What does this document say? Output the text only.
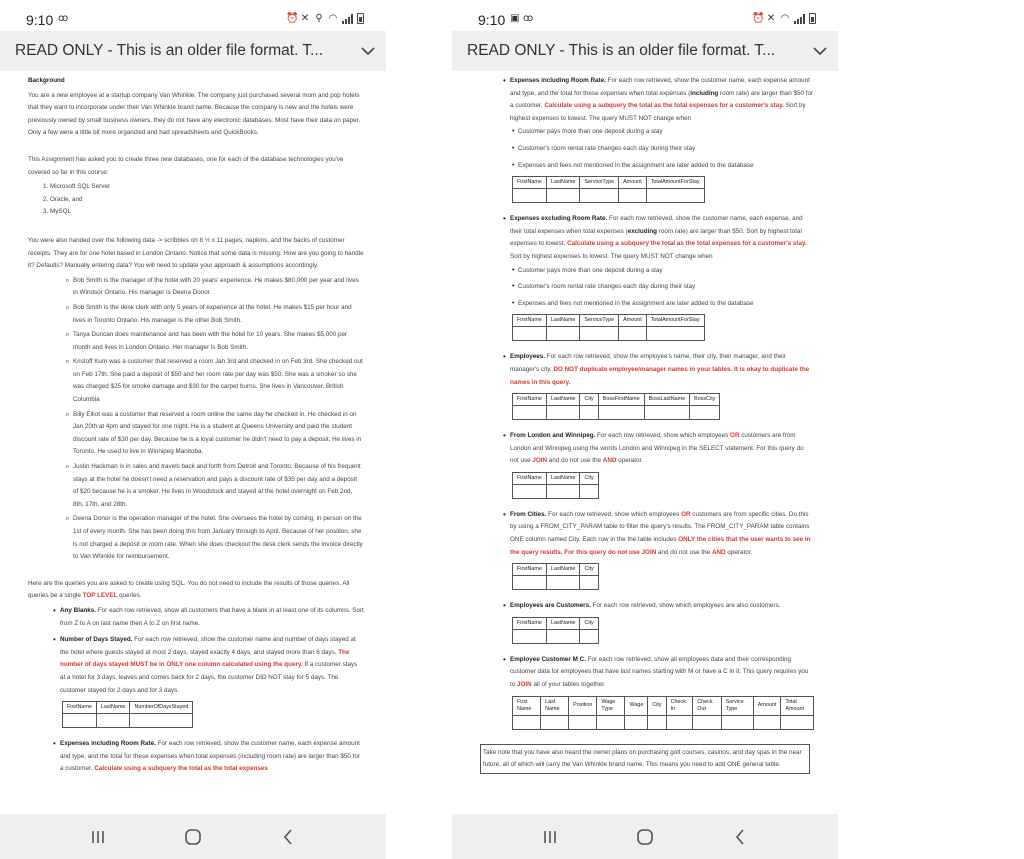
9:10 ꝏ	⏰ ✕ ⚲ ◠
READ ONLY - This is an older file format. T...
Background

You are a new employee at a startup company Van Whinkle. The company just purchased several mom and pop hotels that they want to incorporate under their Van Whinkle brand name. Because the company is new and the hotels were previously owned by small business owners, they do not have any electronic databases. Most have their data on paper. Only a few were a little bit more organized and had spreadsheets and QuickBooks.

This Assignment has asked you to create three new databases, one for each of the database technologies you've covered so far in this course:

1. Microsoft SQL Server
2. Oracle, and
3. MySQL

You were also handed over the following data -> scribbles on 8 ½ x 11 pages, napkins, and the backs of customer receipts. They are for one hotel based in London Ontario. Notice that some data is missing. How are you going to handle it? Defaults? Manually entering data? You will need to update your approach & assumptions accordingly.

o Bob Smith is the manager of the hotel with 20 years' experience. He makes $80,000 per year and lives in Windsor Ontario. His manager is Deena Donor.
o Bob Smith is the desk clerk with only 5 years of experience at the hotel. He makes $15 per hour and lives in Toronto Ontario. His manager is the other Bob Smith.
o Tanya Duncan does maintenance and has been with the hotel for 10 years. She makes $5,000 per month and lives in London Ontario. Her manager is Bob Smith.
o Kristoff Kurn was a customer that reserved a room Jan 3rd and checked in on Feb 3rd. She checked out on Feb 17th. She paid a deposit of $50 and her room rate per day was $50. She was a smoker so she was charged $25 for smoke damage and $30 for the carpet burns. She lives in Vancouver, British Columbia
o Billy Elliot was a customer that reserved a room online the same day he checked in. He checked in on Jan 20th at 4pm and stayed for one night. He is a student at Queens University and paid the student discount rate of $30 per day. Because he is a loyal customer he didn't need to pay a deposit. He lives in Toronto. He used to live in Winnipeg Manitoba.
o Justin Hackman is in sales and travels back and forth from Detroit and Toronto. Because of his frequent stays at the hotel he doesn't need a reservation and pays a discount rate of $35 per day and a deposit of $20 because he is a smoker. He lives in Woodstock and stayed at the hotel overnight on Feb 2nd, 8th, 17th, and 28th.
o Deena Donor is the operation manager of the hotel. She oversees the hotel by coming, in person on the 1st of every month. She has been doing this from January through to April. Because of her position, she is not charged a deposit or room rate. When she does checkout the desk clerk sends the invoice directly to Van Whinkle for reimbursement.

Here are the queries you are asked to create using SQL. You do not need to include the results of those queries. All queries be a single TOP LEVEL queries.

• Any Blanks. For each row retrieved, show all customers that have a blank in at least one of its columns. Sort from Z to A on last name then A to Z on first name.
• Number of Days Stayed. For each row retrieved, show the customer name and number of days stayed at the hotel where guests stayed at most 2 days, stayed exactly 4 days, and stayed more than 6 days. The number of days stayed MUST be in ONLY one column calculated using the query. If a customer stays at a hotel for 3 days, leaves and comes back for 2 days, the customer DID NOT stay for 5 days. The customer stayed for 2 days and for 3 days.
FirstName	LastName	NumberOfDaysStayed

• Expenses including Room Rate. For each row retrieved, show the customer name, each expense amount and type, and the total for these expenses when total expenses (including room rate) are larger than $50 for a customer. Calculate using a subquery the total as the total expenses
9:10 ▣ ꝏ	⏰ ✕ ◠
READ ONLY - This is an older file format. T...
• Expenses including Room Rate. For each row retrieved, show the customer name, each expense amount and type, and the total for these expenses when total expenses (including room rate) are larger than $50 for a customer. Calculate using a subquery the total as the total expenses for a customer's stay. Sort by highest expenses to lowest. The query MUST NOT change when
• Customer pays more than one deposit during a stay
• Customer's room rental rate changes each day during their stay
• Expenses and fees not mentioned in the assignment are later added to the database
FirstName	LastName	ServiceType	Amount	TotalAmountForStay

• Expenses excluding Room Rate. For each row retrieved, show the customer name, each expense, and their total expenses when total expenses (excluding room rate) are larger than $50. Sort by highest total expenses to lowest. Calculate using a subquery the total as the total expenses for a customer's stay. Sort by highest expenses to lowest. The query MUST NOT change when
• Customer pays more than one deposit during a stay
• Customer's room rental rate changes each day during their stay
• Expenses and fees not mentioned in the assignment are later added to the database
FirstName	LastName	ServiceType	Amount	TotalAmountForStay

• Employees. For each row retrieved, show the employee's name, their city, their manager, and their manager's city. DO NOT duplicate employee/manager names in your tables. It is okay to duplicate the names in this query.
FirstName	LastName	City	BossFirstName	BossLastName	BossCity

• From London and Winnipeg. For each row retrieved, show which employees OR customers are from London and Winnipeg using the words London and Winnipeg in the SELECT statement. For this query do not use JOIN and do not use the AND operator.
FirstName	LastName	City

• From Cities. For each row retrieved, show which employees OR customers are from specific cities. Do this by using a FROM_CITY_PARAM table to filter the query's results. The FROM_CITY_PARAM table contains ONE column named City. Each row in the the table includes ONLY the cities that the user wants to see in the query results. For this query do not use JOIN and do not use the AND operator.
FirstName	LastName	City

• Employees are Customers. For each row retrieved, show which employees are also customers.
FirstName	LastName	City

• Employee Customer M C. For each row retrieved, show all employees data and their corresponding customer data for employees that have last names starting with M or have a C in it. This query requires you to JOIN all of your tables together.
First Name	Last Name	Position	Wage Type	Wage	City	Check In	Check Out	Service Type	Amount	Total Amount

Take note that you have also heard the owner plans on purchasing golf courses, casinos, and day spas in the near future, all of which will carry the Van Whinkle brand name. This means you need to add ONE general table.
